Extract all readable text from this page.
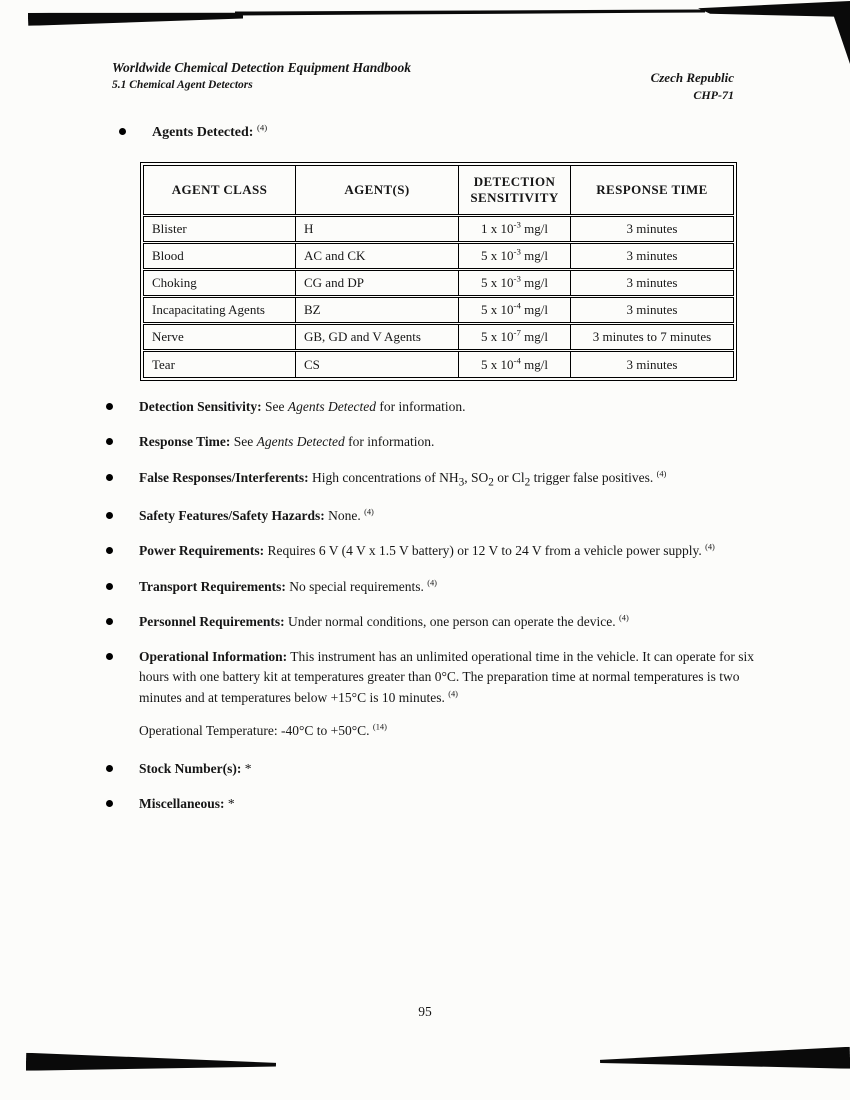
Worldwide Chemical Detection Equipment Handbook
5.1 Chemical Agent Detectors	Czech Republic
CHP-71
Agents Detected: $^{(4)}$
AGENT CLASS	AGENT(S)	DETECTION SENSITIVITY	RESPONSE TIME
Blister	H	1 x $10^{-3}$ mg/l	3 minutes
Blood	AC and CK	5 x $10^{-3}$ mg/l	3 minutes
Choking	CG and DP	5 x $10^{-3}$ mg/l	3 minutes
Incapacitating Agents	BZ	5 x $10^{-4}$ mg/l	3 minutes
Nerve	GB, GD and V Agents	5 x $10^{-7}$ mg/l	3 minutes to 7 minutes
Tear	CS	5 x $10^{-4}$ mg/l	3 minutes
Detection Sensitivity: See Agents Detected for information.
Response Time: See Agents Detected for information.
False Responses/Interferents: High concentrations of $NH_3$, $SO_2$ or $Cl_2$ trigger false positives. $^{(4)}$
Safety Features/Safety Hazards: None. $^{(4)}$
Power Requirements: Requires 6 V (4 V x 1.5 V battery) or 12 V to 24 V from a vehicle power supply. $^{(4)}$
Transport Requirements: No special requirements. $^{(4)}$
Personnel Requirements: Under normal conditions, one person can operate the device. $^{(4)}$
Operational Information: This instrument has an unlimited operational time in the vehicle. It can operate for six hours with one battery kit at temperatures greater than 0°C. The preparation time at normal temperatures is two minutes and at temperatures below +15°C is 10 minutes. $^{(4)}$
Operational Temperature: -40°C to +50°C. $^{(14)}$
Stock Number(s): *
Miscellaneous: *
95
